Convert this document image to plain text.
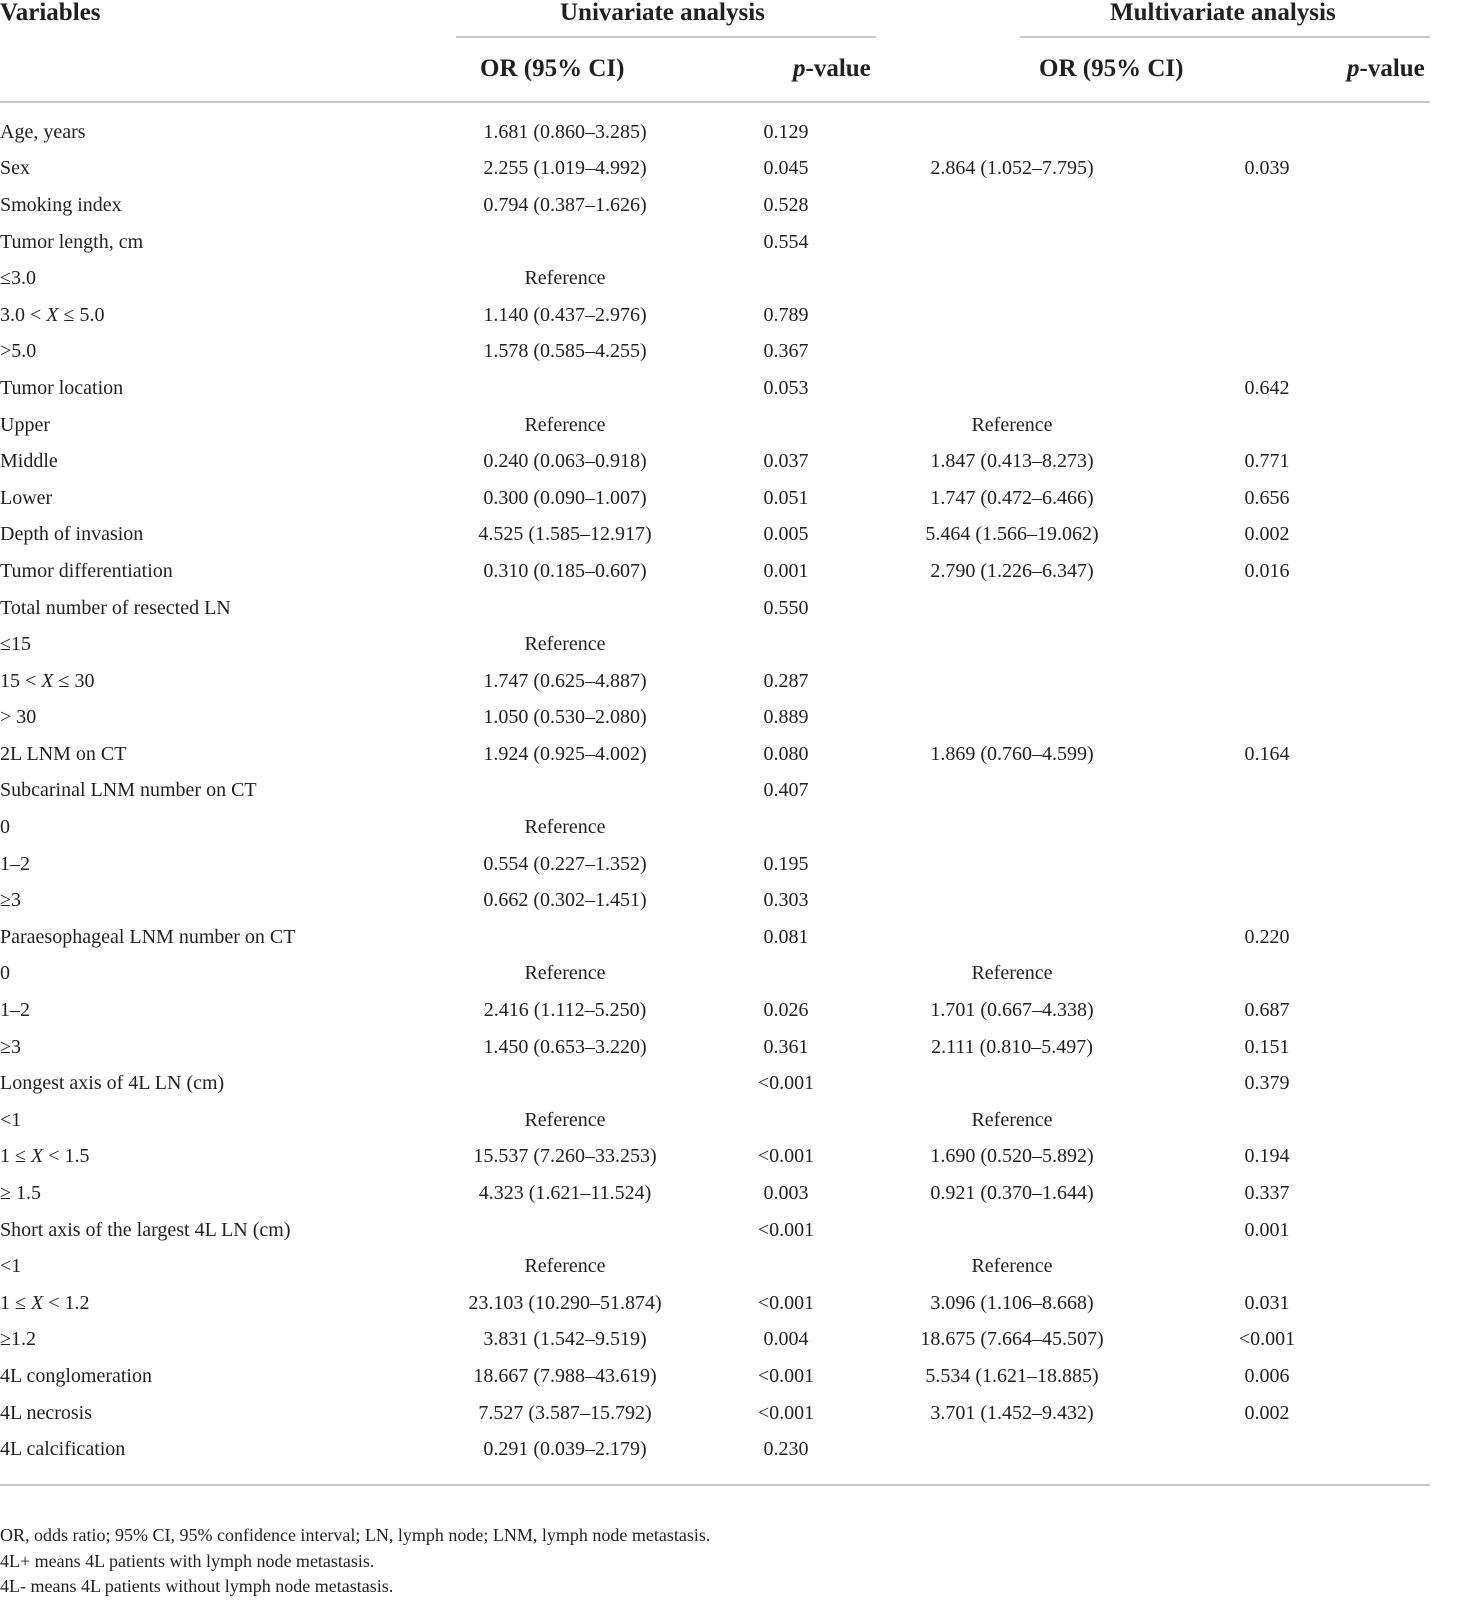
Variables	Univariate analysis	Multivariate analysis
OR (95% CI)	p-value	OR (95% CI)	p-value
Age, years	1.681 (0.860–3.285)	0.129		
Sex	2.255 (1.019–4.992)	0.045	2.864 (1.052–7.795)	0.039
Smoking index	0.794 (0.387–1.626)	0.528		
Tumor length, cm		0.554		
≤3.0	Reference			
3.0 < X ≤ 5.0	1.140 (0.437–2.976)	0.789		
>5.0	1.578 (0.585–4.255)	0.367		
Tumor location		0.053		0.642
Upper	Reference		Reference	
Middle	0.240 (0.063–0.918)	0.037	1.847 (0.413–8.273)	0.771
Lower	0.300 (0.090–1.007)	0.051	1.747 (0.472–6.466)	0.656
Depth of invasion	4.525 (1.585–12.917)	0.005	5.464 (1.566–19.062)	0.002
Tumor differentiation	0.310 (0.185–0.607)	0.001	2.790 (1.226–6.347)	0.016
Total number of resected LN		0.550		
≤15	Reference			
15 < X ≤ 30	1.747 (0.625–4.887)	0.287		
> 30	1.050 (0.530–2.080)	0.889		
2L LNM on CT	1.924 (0.925–4.002)	0.080	1.869 (0.760–4.599)	0.164
Subcarinal LNM number on CT		0.407		
0	Reference			
1–2	0.554 (0.227–1.352)	0.195		
≥3	0.662 (0.302–1.451)	0.303		
Paraesophageal LNM number on CT		0.081		0.220
0	Reference		Reference	
1–2	2.416 (1.112–5.250)	0.026	1.701 (0.667–4.338)	0.687
≥3	1.450 (0.653–3.220)	0.361	2.111 (0.810–5.497)	0.151
Longest axis of 4L LN (cm)		<0.001		0.379
<1	Reference		Reference	
1 ≤ X < 1.5	15.537 (7.260–33.253)	<0.001	1.690 (0.520–5.892)	0.194
≥ 1.5	4.323 (1.621–11.524)	0.003	0.921 (0.370–1.644)	0.337
Short axis of the largest 4L LN (cm)		<0.001		0.001
<1	Reference		Reference	
1 ≤ X < 1.2	23.103 (10.290–51.874)	<0.001	3.096 (1.106–8.668)	0.031
≥1.2	3.831 (1.542–9.519)	0.004	18.675 (7.664–45.507)	<0.001
4L conglomeration	18.667 (7.988–43.619)	<0.001	5.534 (1.621–18.885)	0.006
4L necrosis	7.527 (3.587–15.792)	<0.001	3.701 (1.452–9.432)	0.002
4L calcification	0.291 (0.039–2.179)	0.230		
OR, odds ratio; 95% CI, 95% confidence interval; LN, lymph node; LNM, lymph node metastasis.
4L+ means 4L patients with lymph node metastasis.
4L- means 4L patients without lymph node metastasis.
